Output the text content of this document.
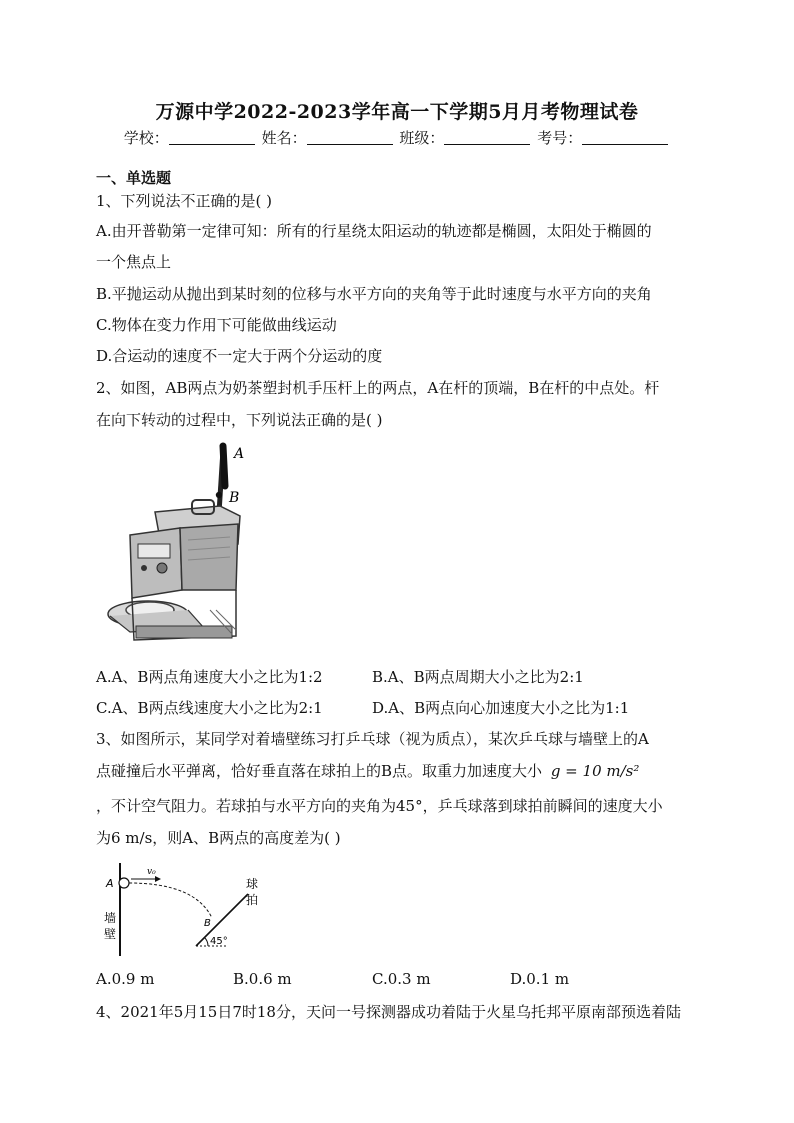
万源中学2022-2023学年高一下学期5月月考物理试卷
学校：	姓名：	班级：	考号：
一、单选题
1、下列说法不正确的是( )
A.由开普勒第一定律可知：所有的行星绕太阳运动的轨迹都是椭圆，太阳处于椭圆的
一个焦点上
B.平抛运动从抛出到某时刻的位移与水平方向的夹角等于此时速度与水平方向的夹角
C.物体在变力作用下可能做曲线运动
D.合运动的速度不一定大于两个分运动的度
2、如图，AB两点为奶茶塑封机手压杆上的两点，A在杆的顶端，B在杆的中点处。杆
在向下转动的过程中，下列说法正确的是( )
A
B
A.A、B两点角速度大小之比为1:2	B.A、B两点周期大小之比为2:1
C.A、B两点线速度大小之比为2:1	D.A、B两点向心加速度大小之比为1:1
3、如图所示，某同学对着墙壁练习打乒乓球（视为质点），某次乒乓球与墙壁上的A
点碰撞后水平弹离，恰好垂直落在球拍上的B点。取重力加速度大小 g = 10 m/s²
，不计空气阻力。若球拍与水平方向的夹角为45°，乒乓球落到球拍前瞬间的速度大小
为6 m/s，则A、B两点的高度差为( )
A
v₀
B
45°
墙
壁
球
拍
A.0.9 m	B.0.6 m	C.0.3 m	D.0.1 m
4、2021年5月15日7时18分，天问一号探测器成功着陆于火星乌托邦平原南部预选着陆
